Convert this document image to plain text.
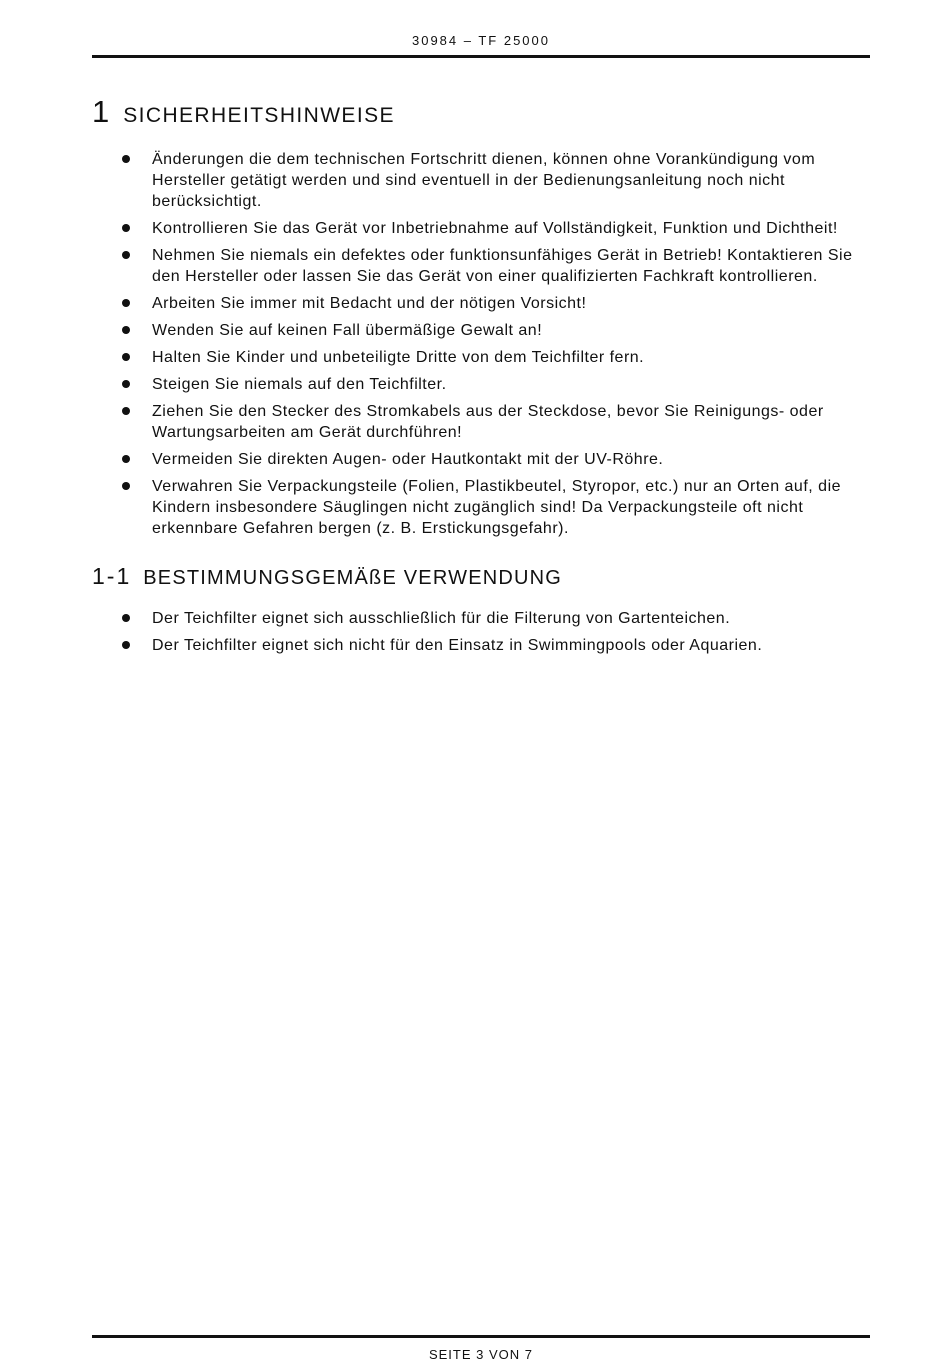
30984 – TF 25000
1 SICHERHEITSHINWEISE
Änderungen die dem technischen Fortschritt dienen, können ohne Vorankündigung vom Hersteller getätigt werden und sind eventuell in der Bedienungsanleitung noch nicht berücksichtigt.
Kontrollieren Sie das Gerät vor Inbetriebnahme auf Vollständigkeit, Funktion und Dichtheit!
Nehmen Sie niemals ein defektes oder funktionsunfähiges Gerät in Betrieb! Kontaktieren Sie den Hersteller oder lassen Sie das Gerät von einer qualifizierten Fachkraft kontrollieren.
Arbeiten Sie immer mit Bedacht und der nötigen Vorsicht!
Wenden Sie auf keinen Fall übermäßige Gewalt an!
Halten Sie Kinder und unbeteiligte Dritte von dem Teichfilter fern.
Steigen Sie niemals auf den Teichfilter.
Ziehen Sie den Stecker des Stromkabels aus der Steckdose, bevor Sie Reinigungs- oder Wartungsarbeiten am Gerät durchführen!
Vermeiden Sie direkten Augen- oder Hautkontakt mit der UV-Röhre.
Verwahren Sie Verpackungsteile (Folien, Plastikbeutel, Styropor, etc.) nur an Orten auf, die Kindern insbesondere Säuglingen nicht zugänglich sind! Da Verpackungsteile oft nicht erkennbare Gefahren bergen (z. B. Erstickungsgefahr).
1-1 BESTIMMUNGSGEMÄßE VERWENDUNG
Der Teichfilter eignet sich ausschließlich für die Filterung von Gartenteichen.
Der Teichfilter eignet sich nicht für den Einsatz in Swimmingpools oder Aquarien.
SEITE 3 VON 7
